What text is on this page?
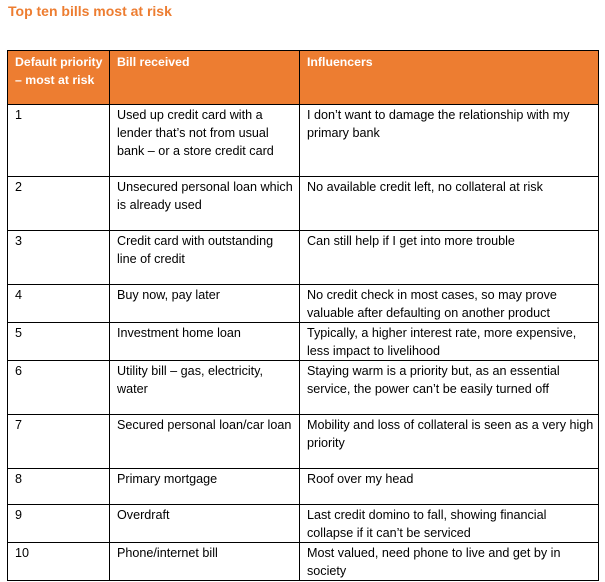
Top ten bills most at risk
Default priority – most at risk	Bill received	Influencers
1	Used up credit card with a lender that’s not from usual bank – or a store credit card	I don’t want to damage the relationship with my primary bank
2	Unsecured personal loan which is already used	No available credit left, no collateral at risk
3	Credit card with outstanding line of credit	Can still help if I get into more trouble
4	Buy now, pay later	No credit check in most cases, so may prove valuable after defaulting on another product
5	Investment home loan	Typically, a higher interest rate, more expensive, less impact to livelihood
6	Utility bill – gas, electricity, water	Staying warm is a priority but, as an essential service, the power can’t be easily turned off
7	Secured personal loan/car loan	Mobility and loss of collateral is seen as a very high priority
8	Primary mortgage	Roof over my head
9	Overdraft	Last credit domino to fall, showing financial collapse if it can’t be serviced
10	Phone/internet bill	Most valued, need phone to live and get by in society
